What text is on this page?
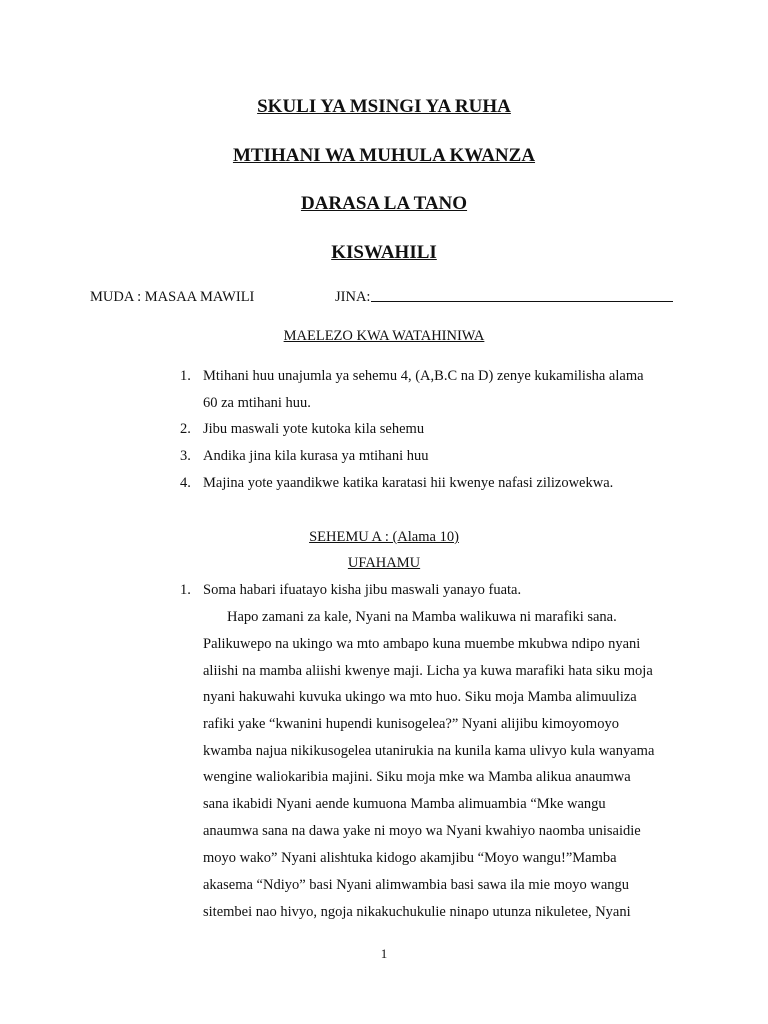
SKULI YA MSINGI YA RUHA
MTIHANI WA MUHULA KWANZA
DARASA LA TANO
KISWAHILI
MUDA : MASAA MAWILI	JINA:
MAELEZO KWA WATAHINIWA
1. Mtihani huu unajumla ya sehemu 4, (A,B.C na D) zenye kukamilisha alama
60 za mtihani huu.
2. Jibu maswali yote kutoka kila sehemu
3. Andika jina kila kurasa ya mtihani huu
4. Majina yote yaandikwe katika karatasi hii kwenye nafasi zilizowekwa.
SEHEMU A : (Alama 10)
UFAHAMU
1. Soma habari ifuatayo kisha jibu maswali yanayo fuata.
Hapo zamani za kale, Nyani na Mamba walikuwa ni marafiki sana.
Palikuwepo na ukingo wa mto ambapo kuna muembe mkubwa ndipo nyani
aliishi na mamba aliishi kwenye maji. Licha ya kuwa marafiki hata siku moja
nyani hakuwahi kuvuka ukingo wa mto huo. Siku moja Mamba alimuuliza
rafiki yake “kwanini hupendi kunisogelea?” Nyani alijibu kimoyomoyo
kwamba najua nikikusogelea utanirukia na kunila kama ulivyo kula wanyama
wengine waliokaribia majini. Siku moja mke wa Mamba alikua anaumwa
sana ikabidi Nyani aende kumuona Mamba alimuambia “Mke wangu
anaumwa sana na dawa yake ni moyo wa Nyani kwahiyo naomba unisaidie
moyo wako” Nyani alishtuka kidogo akamjibu “Moyo wangu!”Mamba
akasema “Ndiyo” basi Nyani alimwambia basi sawa ila mie moyo wangu
sitembei nao hivyo, ngoja nikakuchukulie ninapo utunza nikuletee, Nyani
1
